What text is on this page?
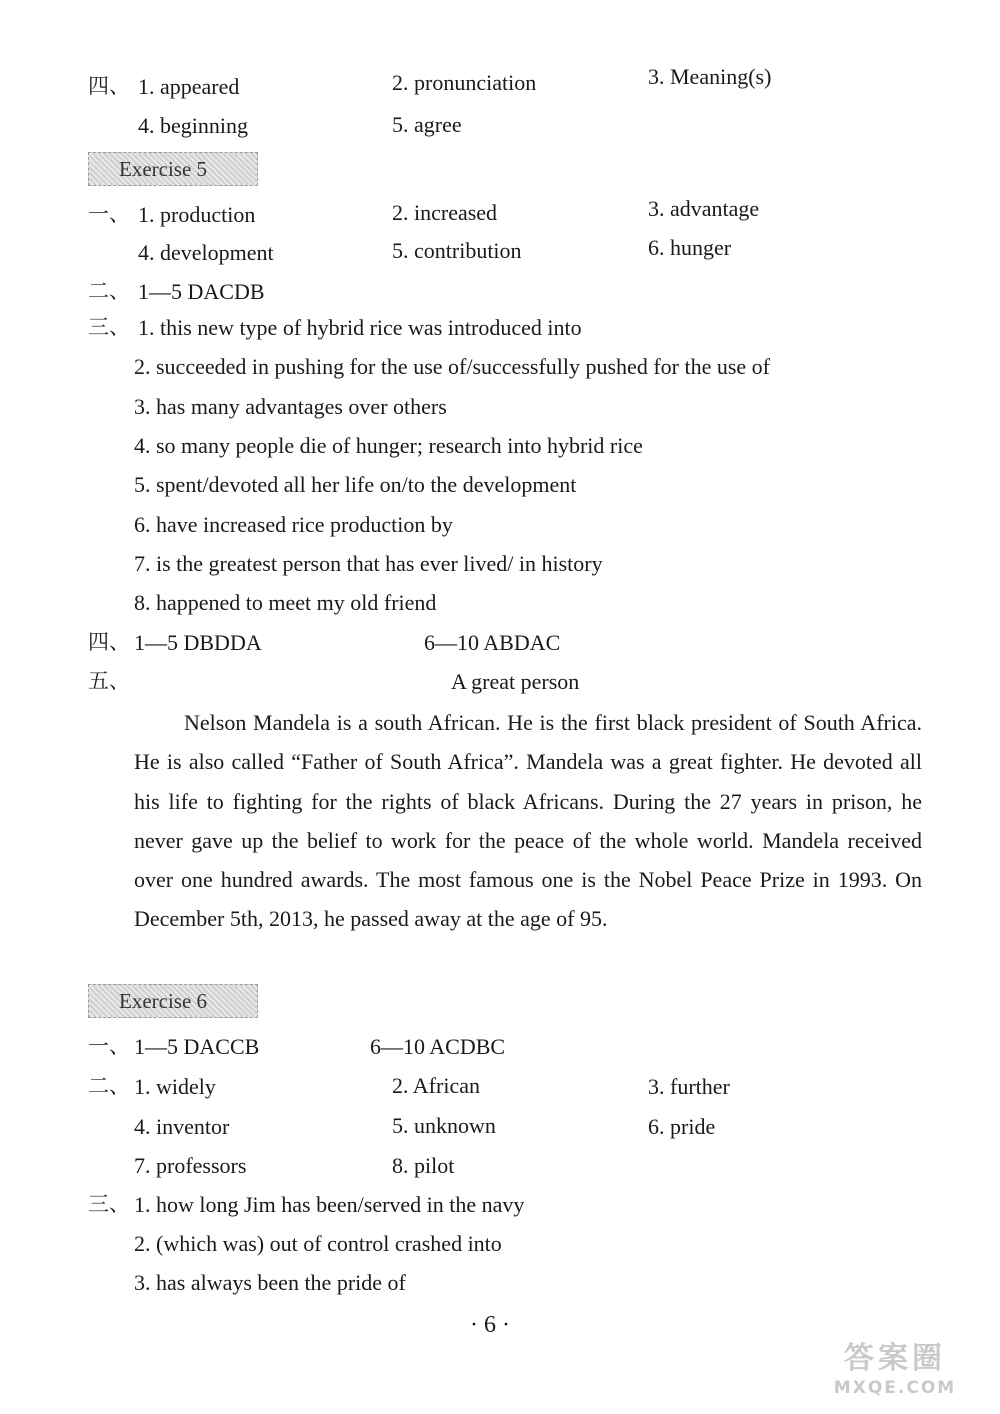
四、 1. appeared	2. pronunciation	3. Meaning(s)
4. beginning	5. agree
Exercise 5
一、 1. production	2. increased	3. advantage
4. development	5. contribution	6. hunger
二、 1—5 DACDB
三、 1. this new type of hybrid rice was introduced into
2. succeeded in pushing for the use of/successfully pushed for the use of
3. has many advantages over others
4. so many people die of hunger; research into hybrid rice
5. spent/devoted all her life on/to the development
6. have increased rice production by
7. is the greatest person that has ever lived/ in history
8. happened to meet my old friend
四、 1—5 DBDDA	6—10 ABDAC
五、	A great person

Nelson Mandela is a south African. He is the first black president of South Africa. He is also called “Father of South Africa”. Mandela was a great fighter. He devoted all his life to fighting for the rights of black Africans. During the 27 years in prison, he never gave up the belief to work for the peace of the whole world. Mandela received over one hundred awards. The most famous one is the Nobel Peace Prize in 1993. On December 5th, 2013, he passed away at the age of 95.

Exercise 6
一、 1—5 DACCB	6—10 ACDBC
二、 1. widely	2. African	3. further
4. inventor	5. unknown	6. pride
7. professors	8. pilot
三、 1. how long Jim has been/served in the navy
2. (which was) out of control crashed into
3. has always been the pride of
·6·
答案圈
MXQE.COM
